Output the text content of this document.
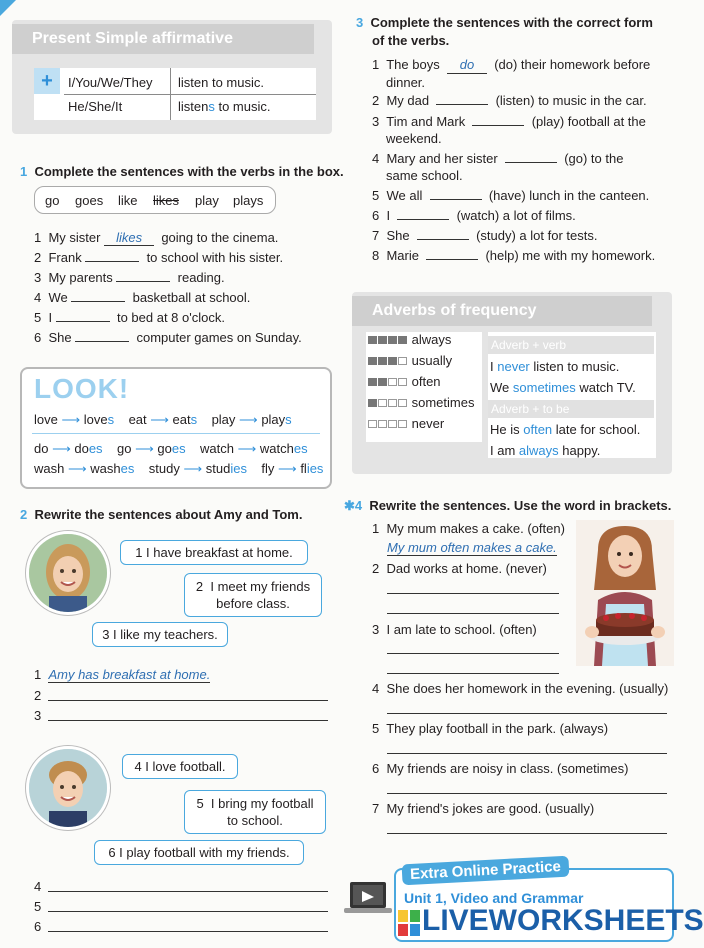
Present Simple affirmative
+	I/You/We/They listen to music.
He/She/It	listens to music.
1 Complete the sentences with the verbs in the box.
go goes like likes play plays
1 My sister likes going to the cinema.
2 Frank	to school with his sister.
3 My parents	reading.
4 We	basketball at school.
5 I	to bed at 8 o'clock.
6 She	computer games on Sunday.
LOOK!
love ⟶ loves eat ⟶ eats play ⟶ plays
do ⟶ does go ⟶ goes watch ⟶ watches
wash ⟶ washes study ⟶ studies fly ⟶ flies
2 Rewrite the sentences about Amy and Tom.
1 I have breakfast at home.
2  I meet my friends
before class.
3 I like my teachers.
1 Amy has breakfast at home.
2
3
4 I love football.
5  I bring my football
to school.
6 I play football with my friends.
4
5
6
3 Complete the sentences with the correct form
of the verbs.
1 The boys do (do) their homework before
dinner.
2 My dad	(listen) to music in the car.
3 Tim and Mark	(play) football at the
weekend.
4 Mary and her sister	(go) to the
same school.
5 We all	(have) lunch in the canteen.
6 I	(watch) a lot of films.
7 She	(study) a lot for tests.
8 Marie	(help) me with my homework.
Adverbs of frequency
always
usually
often
sometimes
never
Adverb + verb
I never listen to music.
We sometimes watch TV.
Adverb + to be
He is often late for school.
I am always happy.
✱4 Rewrite the sentences. Use the word in brackets.
1 My mum makes a cake. (often)
My mum often makes a cake.
2 Dad works at home. (never)
3 I am late to school. (often)
4 She does her homework in the evening. (usually)
5 They play football in the park. (always)
6 My friends are noisy in class. (sometimes)
7 My friend's jokes are good. (usually)
Extra Online Practice
Unit 1, Video and Grammar
LIVEWORKSHEETS
